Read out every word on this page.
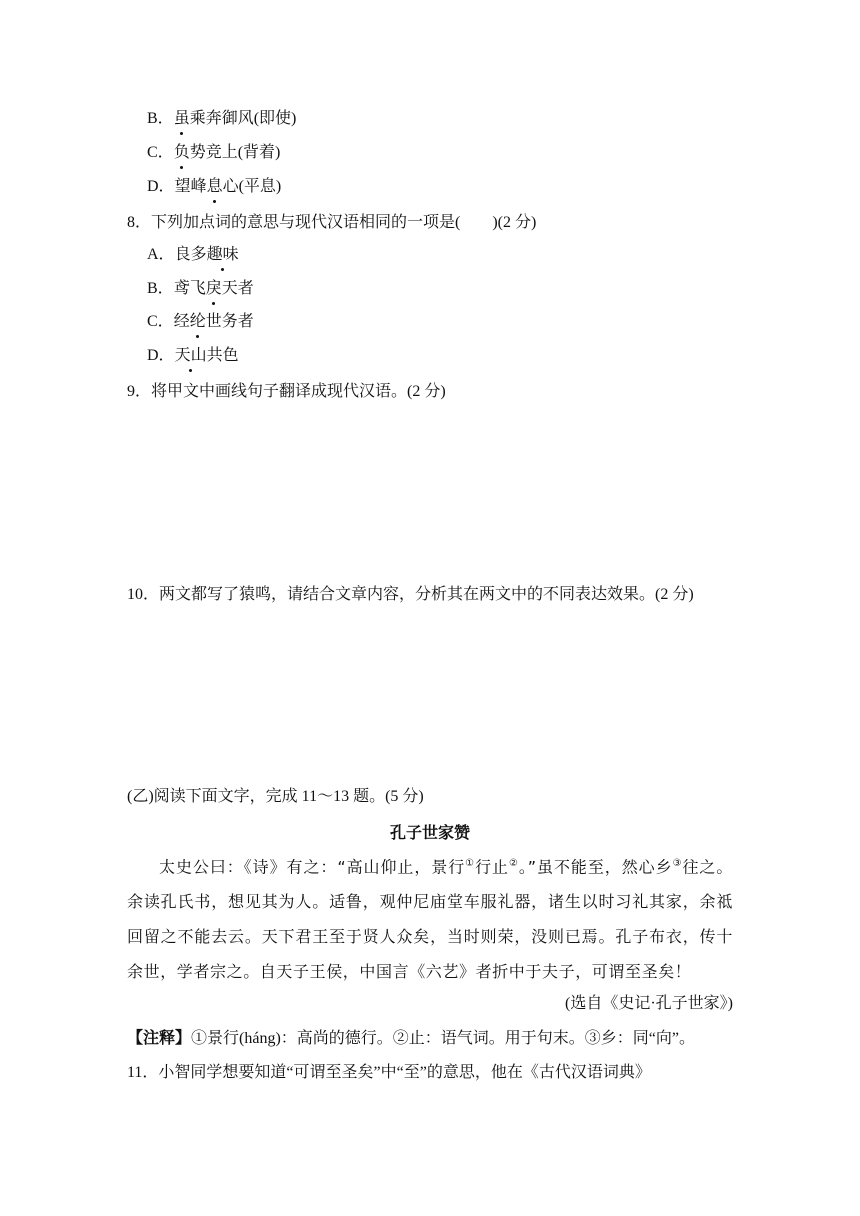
B．虽乘奔御风(即使)
C．负势竞上(背着)
D．望峰息心(平息)
8．下列加点词的意思与现代汉语相同的一项是(　　)(2 分)
A．良多趣味
B．鸢飞戾天者
C．经纶世务者
D．天山共色
9．将甲文中画线句子翻译成现代汉语。(2 分)
10．两文都写了猿鸣，请结合文章内容，分析其在两文中的不同表达效果。(2 分)
(乙)阅读下面文字，完成 11～13 题。(5 分)
孔子世家赞

太史公曰：《诗》有之：“高山仰止，景行①行止②。”虽不能至，然心乡③往之。余读孔氏书，想见其为人。适鲁，观仲尼庙堂车服礼器，诸生以时习礼其家，余祗回留之不能去云。天下君王至于贤人众矣，当时则荣，没则已焉。孔子布衣，传十余世，学者宗之。自天子王侯，中国言《六艺》者折中于夫子，可谓至圣矣！

(选自《史记·孔子世家》)
【注释】①景行(háng)：高尚的德行。②止：语气词。用于句末。③乡：同“向”。
11．小智同学想要知道“可谓至圣矣”中“至”的意思，他在《古代汉语词典》
